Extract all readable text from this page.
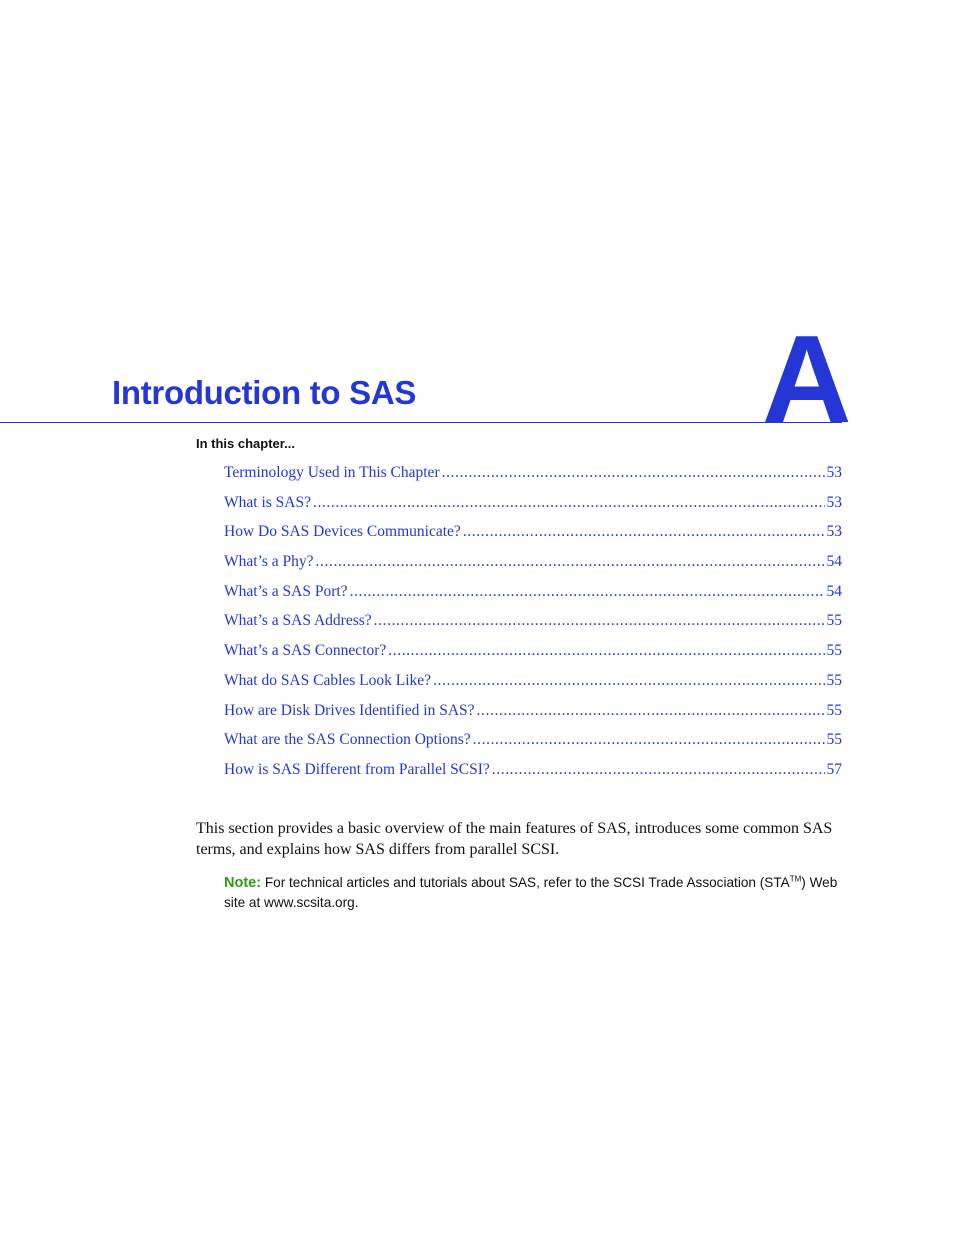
A
Introduction to SAS
In this chapter...
Terminology Used in This Chapter .....	53
What is SAS? .....	53
How Do SAS Devices Communicate? .....	53
What’s a Phy? .....	54
What’s a SAS Port? .....	54
What’s a SAS Address? .....	55
What’s a SAS Connector? .....	55
What do SAS Cables Look Like? .....	55
How are Disk Drives Identified in SAS? .....	55
What are the SAS Connection Options? .....	55
How is SAS Different from Parallel SCSI? .....	57

This section provides a basic overview of the main features of SAS, introduces some common SAS terms, and explains how SAS differs from parallel SCSI.

Note: For technical articles and tutorials about SAS, refer to the SCSI Trade Association (STA™) Web site at www.scsita.org.
